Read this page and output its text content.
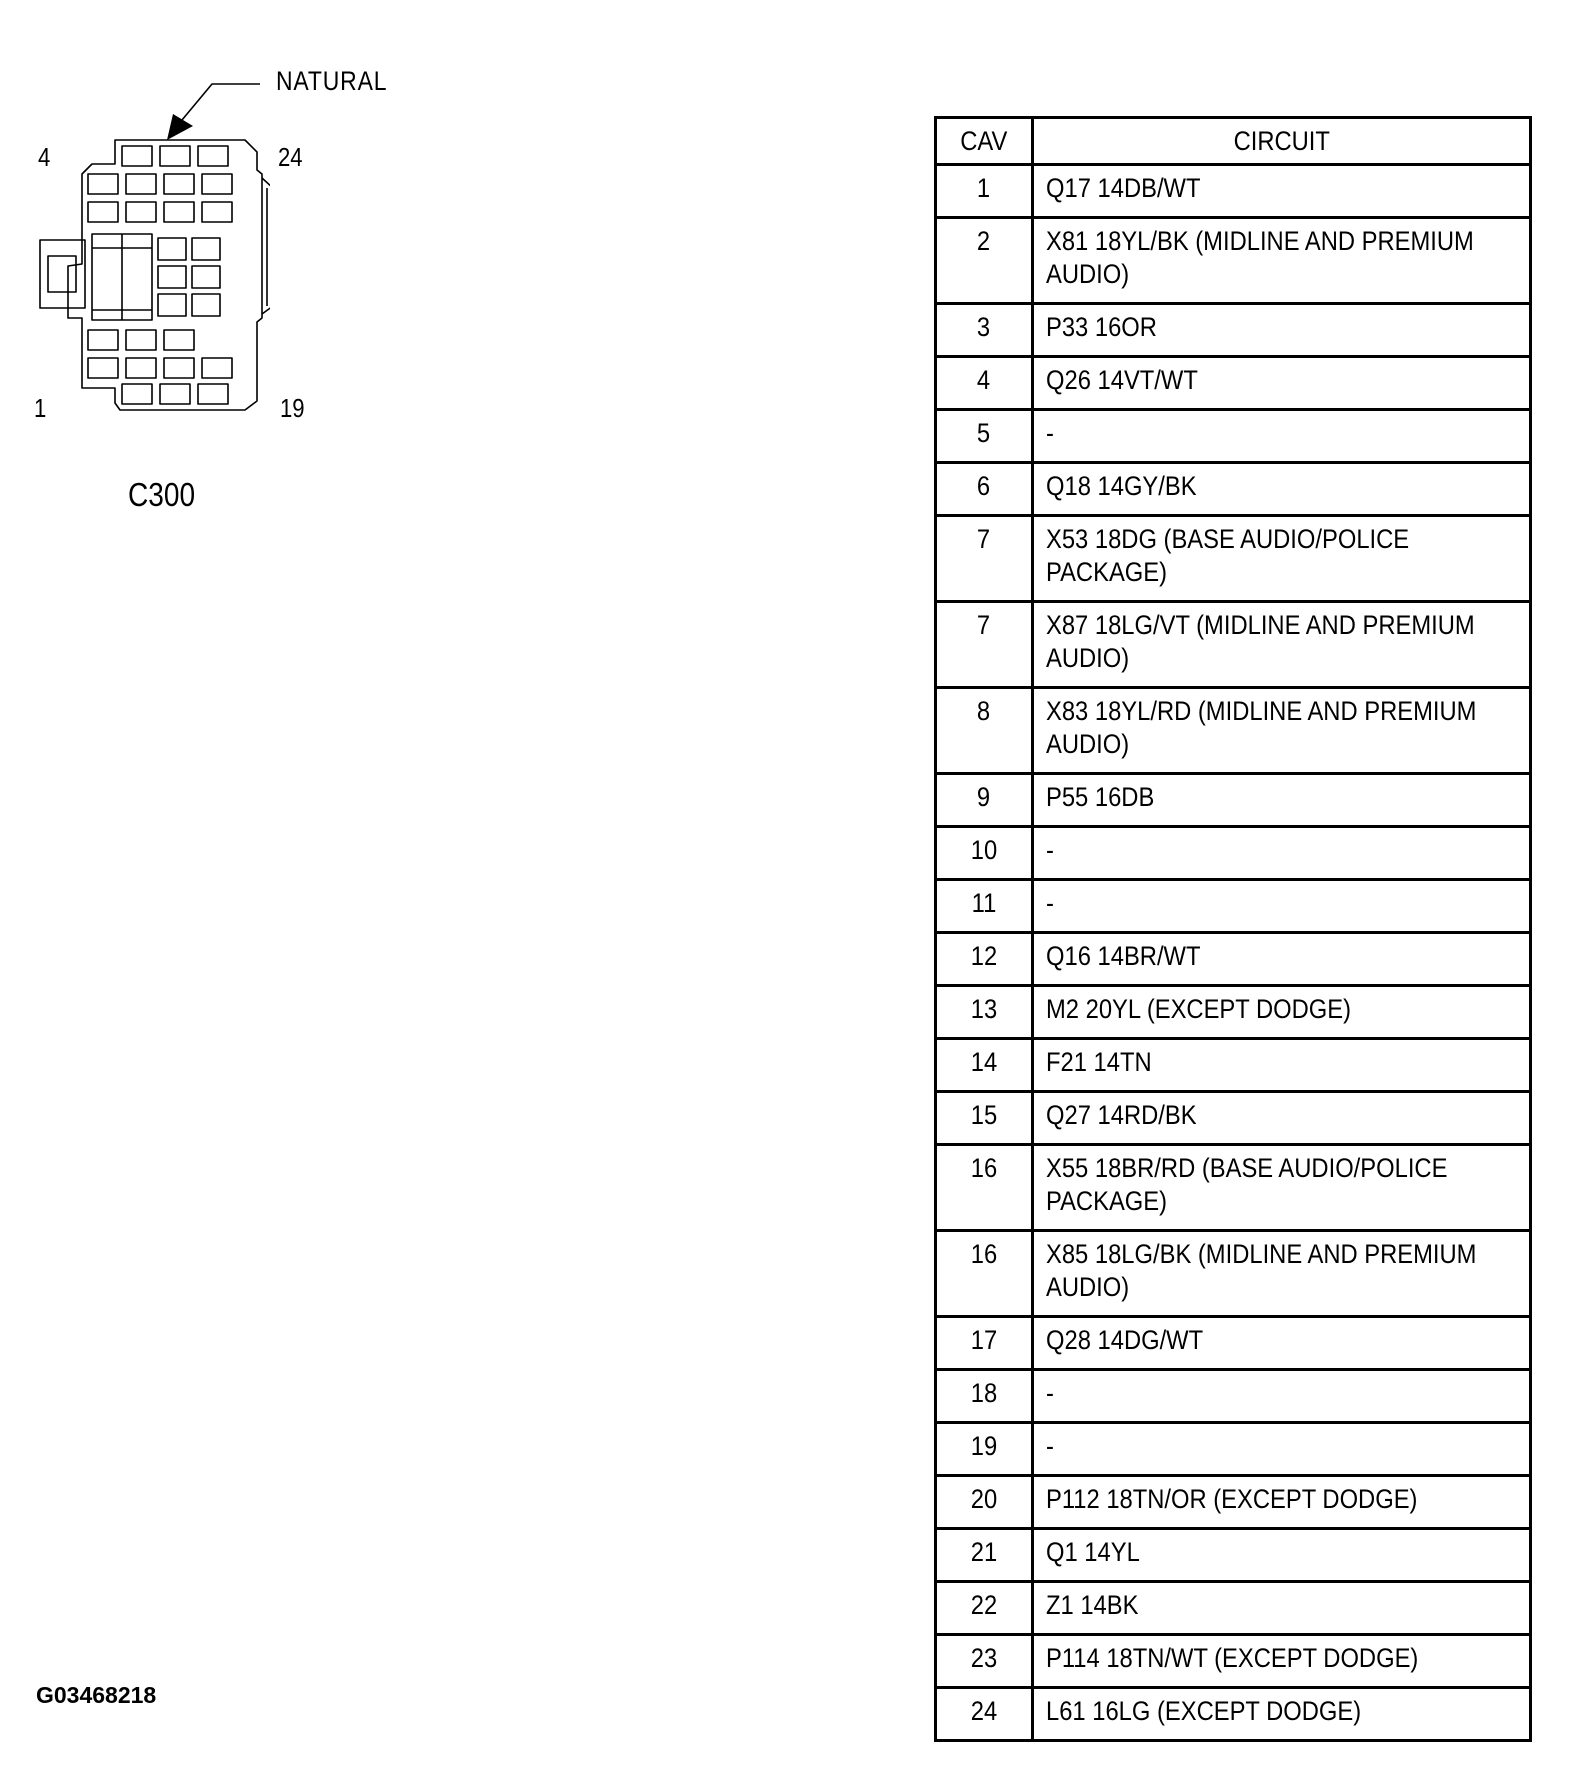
NATURAL
4	24
1	19
C300
CAV	CIRCUIT
1	Q17 14DB/WT

2	X81 18YL/BK (MIDLINE AND PREMIUM
AUDIO)

3	P33 16OR

4	Q26 14VT/WT

5	-

6	Q18 14GY/BK

7	X53 18DG (BASE AUDIO/POLICE
PACKAGE)

7	X87 18LG/VT (MIDLINE AND PREMIUM
AUDIO)

8	X83 18YL/RD (MIDLINE AND PREMIUM
AUDIO)

9	P55 16DB

10	-

11	-

12	Q16 14BR/WT

13	M2 20YL (EXCEPT DODGE)

14	F21 14TN

15	Q27 14RD/BK

16	X55 18BR/RD (BASE AUDIO/POLICE
PACKAGE)

16	X85 18LG/BK (MIDLINE AND PREMIUM
AUDIO)

17	Q28 14DG/WT

18	-

19	-

20	P112 18TN/OR (EXCEPT DODGE)

21	Q1 14YL

22	Z1 14BK

23	P114 18TN/WT (EXCEPT DODGE)

24	L61 16LG (EXCEPT DODGE)
G03468218
